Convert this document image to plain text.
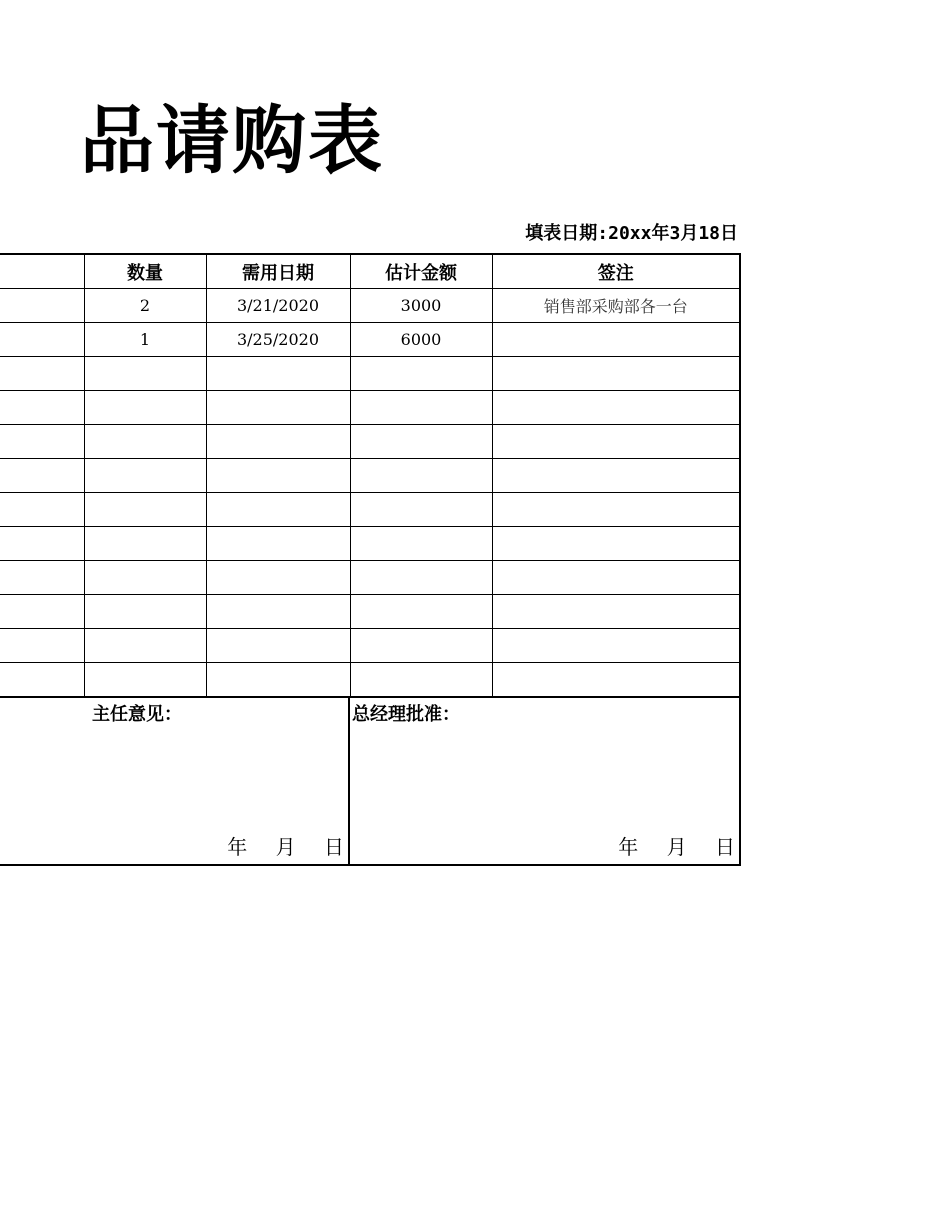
品请购表
填表日期:20xx年3月18日
	数量	需用日期	估计金额	签注
	2	3/21/2020	3000	销售部采购部各一台
	1	3/25/2020	6000	

主任意见：
年 月 日
总经理批准：
年 月 日
